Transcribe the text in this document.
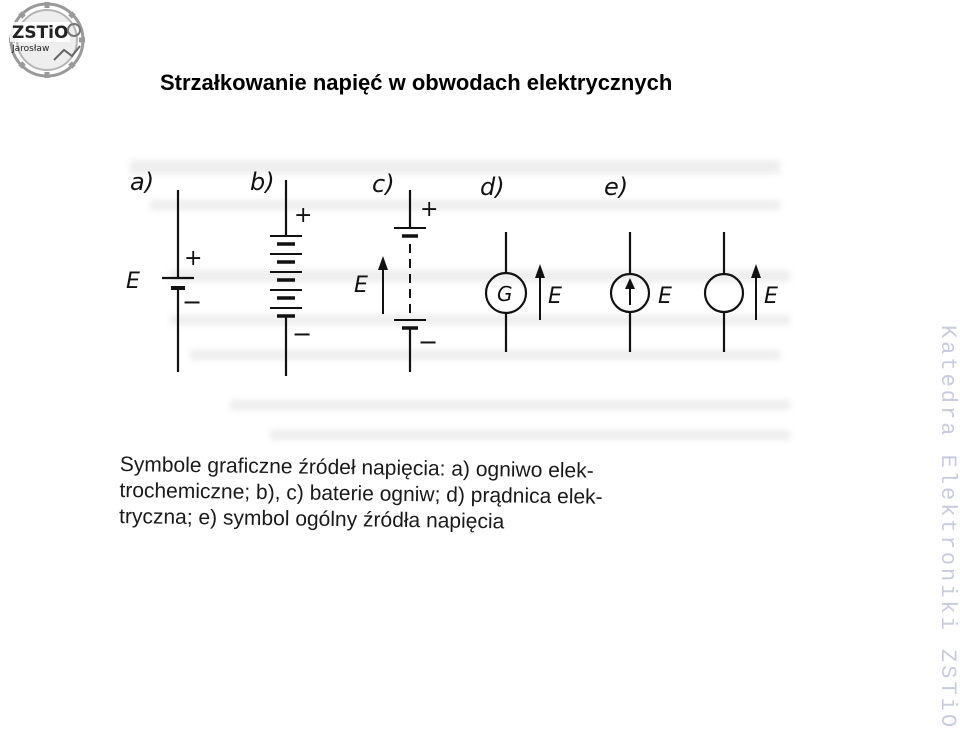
ZSTiO
Jarosław
Strzałkowanie napięć w obwodach elektrycznych
Katedra Elektroniki ZSTiO
a)
+
−
E
b)
+
−
c)
+
−
E
d)
G E
e)
E	E
Symbole graficzne źródeł napięcia: a) ogniwo elek-
trochemiczne; b), c) baterie ogniw; d) prądnica elek-
tryczna; e) symbol ogólny źródła napięcia
